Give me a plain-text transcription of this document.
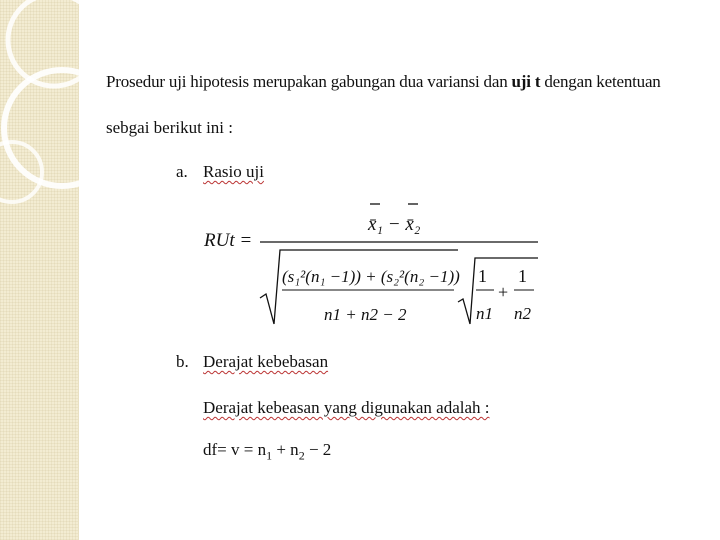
Prosedur uji hipotesis merupakan gabungan dua variansi dan uji t dengan ketentuan
sebgai berikut ini :
a. Rasio uji
RUt =
x̄₁ − x̄₂
(s₁²(n₁ −1)) + (s₂²(n₂ −1))
n1 + n2 − 2
1
n1
+
1
n2
b. Derajat kebebasan
Derajat kebeasan yang digunakan adalah :
$df= v = n_1 + n_2 - 2$
